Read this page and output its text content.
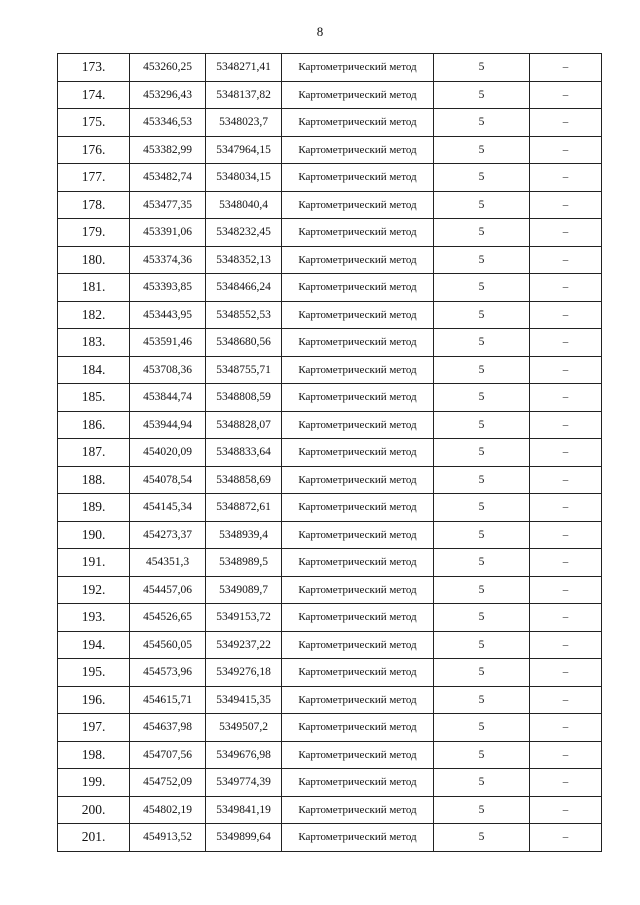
8
173.	453260,25	5348271,41	Картометрический метод	5	–
174.	453296,43	5348137,82	Картометрический метод	5	–
175.	453346,53	5348023,7	Картометрический метод	5	–
176.	453382,99	5347964,15	Картометрический метод	5	–
177.	453482,74	5348034,15	Картометрический метод	5	–
178.	453477,35	5348040,4	Картометрический метод	5	–
179.	453391,06	5348232,45	Картометрический метод	5	–
180.	453374,36	5348352,13	Картометрический метод	5	–
181.	453393,85	5348466,24	Картометрический метод	5	–
182.	453443,95	5348552,53	Картометрический метод	5	–
183.	453591,46	5348680,56	Картометрический метод	5	–
184.	453708,36	5348755,71	Картометрический метод	5	–
185.	453844,74	5348808,59	Картометрический метод	5	–
186.	453944,94	5348828,07	Картометрический метод	5	–
187.	454020,09	5348833,64	Картометрический метод	5	–
188.	454078,54	5348858,69	Картометрический метод	5	–
189.	454145,34	5348872,61	Картометрический метод	5	–
190.	454273,37	5348939,4	Картометрический метод	5	–
191.	454351,3	5348989,5	Картометрический метод	5	–
192.	454457,06	5349089,7	Картометрический метод	5	–
193.	454526,65	5349153,72	Картометрический метод	5	–
194.	454560,05	5349237,22	Картометрический метод	5	–
195.	454573,96	5349276,18	Картометрический метод	5	–
196.	454615,71	5349415,35	Картометрический метод	5	–
197.	454637,98	5349507,2	Картометрический метод	5	–
198.	454707,56	5349676,98	Картометрический метод	5	–
199.	454752,09	5349774,39	Картометрический метод	5	–
200.	454802,19	5349841,19	Картометрический метод	5	–
201.	454913,52	5349899,64	Картометрический метод	5	–
